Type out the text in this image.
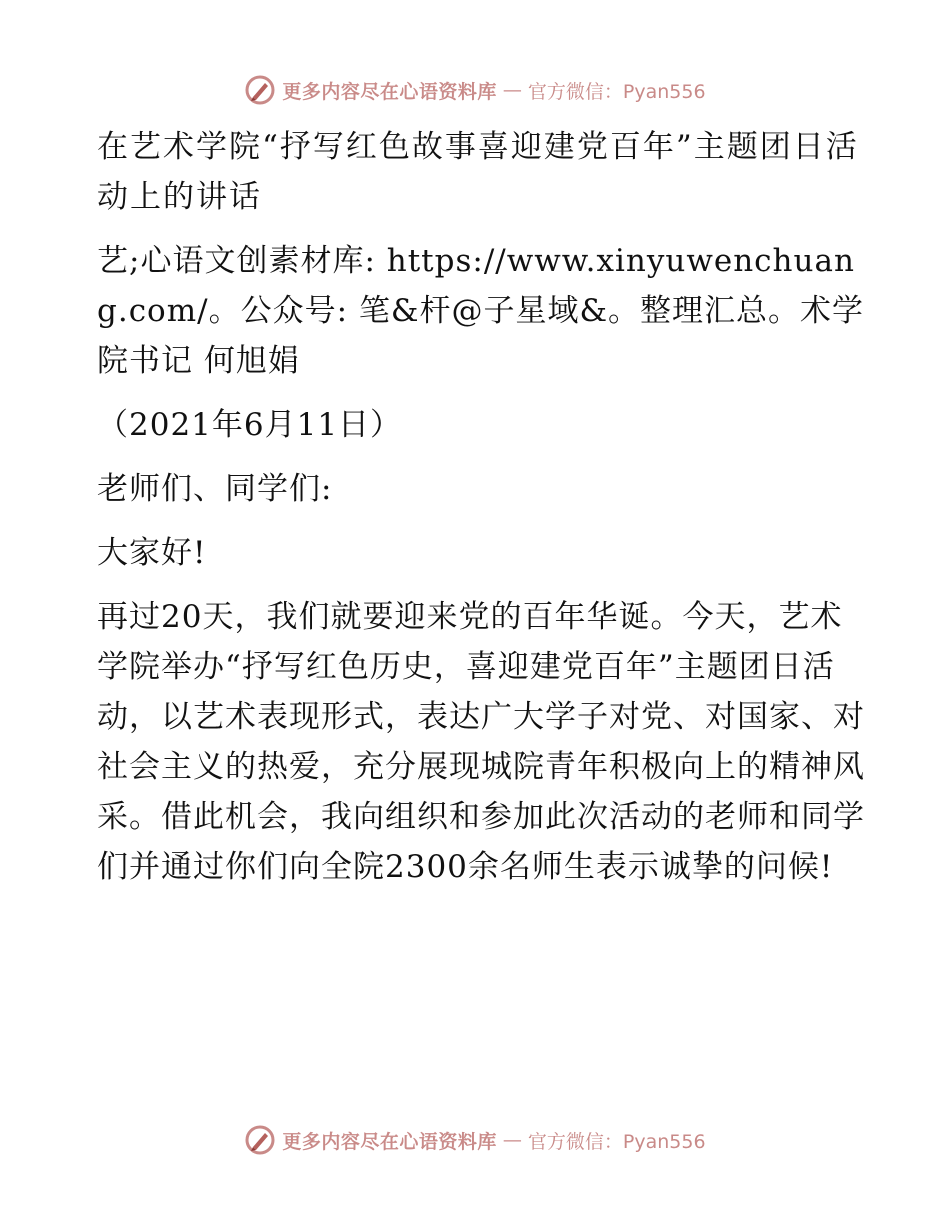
更多内容尽在心语资料库 — 官方微信：Pyan556

在艺术学院“抒写红色故事喜迎建党百年”主题团日活动上的讲话

艺;心语文创素材库: https://www.xinyuwenchuang.com/。公众号: 笔&杆@子星域&。整理汇总。术学院书记 何旭娟

（2021年6月11日）

老师们、同学们:

大家好!

再过20天，我们就要迎来党的百年华诞。今天，艺术学院举办“抒写红色历史，喜迎建党百年”主题团日活动，以艺术表现形式，表达广大学子对党、对国家、对社会主义的热爱，充分展现城院青年积极向上的精神风采。借此机会，我向组织和参加此次活动的老师和同学们并通过你们向全院2300余名师生表示诚挚的问候!

更多内容尽在心语资料库 — 官方微信：Pyan556
